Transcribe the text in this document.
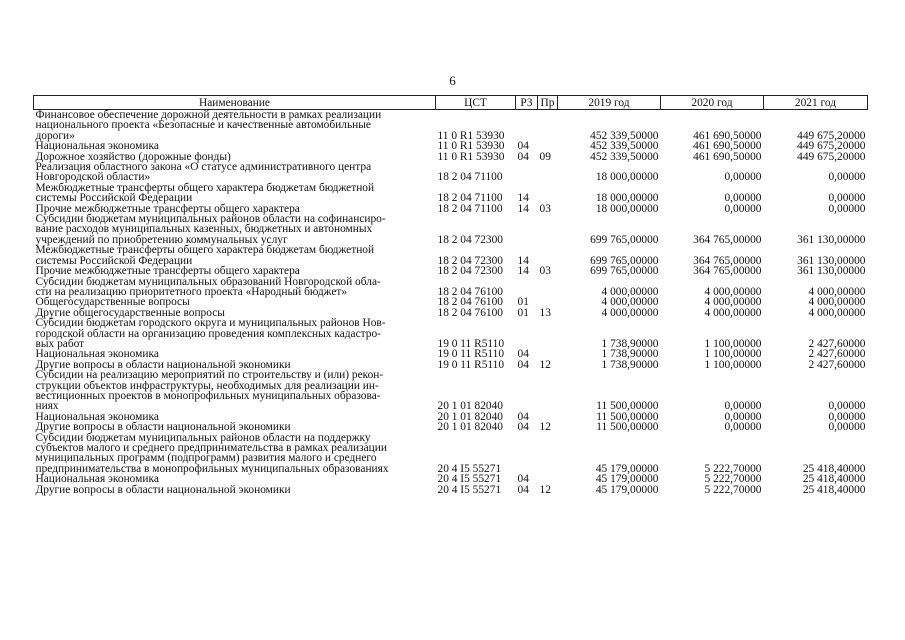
6
Наименование	ЦСТ	РЗ	Пр	2019 год	2020 год	2021 год

Финансовое обеспечение дорожной деятельности в рамках реализации
национального проекта «Безопасные и качественные автомобильные
дороги»	11 0 R1 53930			452 339,50000	461 690,50000	449 675,20000

Национальная экономика	11 0 R1 53930	04		452 339,50000	461 690,50000	449 675,20000

Дорожное хозяйство (дорожные фонды)	11 0 R1 53930	04	09	452 339,50000	461 690,50000	449 675,20000

Реализация областного закона «О статусе административного центра
Новгородской области»	18 2 04 71100			18 000,00000	0,00000	0,00000

Межбюджетные трансферты общего характера бюджетам бюджетной
системы Российской Федерации	18 2 04 71100	14		18 000,00000	0,00000	0,00000

Прочие межбюджетные трансферты общего характера	18 2 04 71100	14	03	18 000,00000	0,00000	0,00000

Субсидии бюджетам муниципальных районов области на софинансиро-
вание расходов муниципальных казенных, бюджетных и автономных
учреждений по приобретению коммунальных услуг	18 2 04 72300			699 765,00000	364 765,00000	361 130,00000

Межбюджетные трансферты общего характера бюджетам бюджетной
системы Российской Федерации	18 2 04 72300	14		699 765,00000	364 765,00000	361 130,00000

Прочие межбюджетные трансферты общего характера	18 2 04 72300	14	03	699 765,00000	364 765,00000	361 130,00000

Субсидии бюджетам муниципальных образований Новгородской обла-
сти на реализацию приоритетного проекта «Народный бюджет»	18 2 04 76100			4 000,00000	4 000,00000	4 000,00000

Общегосударственные вопросы	18 2 04 76100	01		4 000,00000	4 000,00000	4 000,00000

Другие общегосударственные вопросы	18 2 04 76100	01	13	4 000,00000	4 000,00000	4 000,00000

Субсидии бюджетам городского округа и муниципальных районов Нов-
городской области на организацию проведения комплексных кадастро-
вых работ	19 0 11 R5110			1 738,90000	1 100,00000	2 427,60000

Национальная экономика	19 0 11 R5110	04		1 738,90000	1 100,00000	2 427,60000

Другие вопросы в области национальной экономики	19 0 11 R5110	04	12	1 738,90000	1 100,00000	2 427,60000

Субсидии на реализацию мероприятий по строительству и (или) рекон-
струкции объектов инфраструктуры, необходимых для реализации ин-
вестиционных проектов в монопрофильных муниципальных образова-
ниях	20 1 01 82040			11 500,00000	0,00000	0,00000

Национальная экономика	20 1 01 82040	04		11 500,00000	0,00000	0,00000

Другие вопросы в области национальной экономики	20 1 01 82040	04	12	11 500,00000	0,00000	0,00000

Субсидии бюджетам муниципальных районов области на поддержку
субъектов малого и среднего предпринимательства в рамках реализации
муниципальных программ (подпрограмм) развития малого и среднего
предпринимательства в монопрофильных муниципальных образованиях	20 4 I5 55271			45 179,00000	5 222,70000	25 418,40000

Национальная экономика	20 4 I5 55271	04		45 179,00000	5 222,70000	25 418,40000

Другие вопросы в области национальной экономики	20 4 I5 55271	04	12	45 179,00000	5 222,70000	25 418,40000
